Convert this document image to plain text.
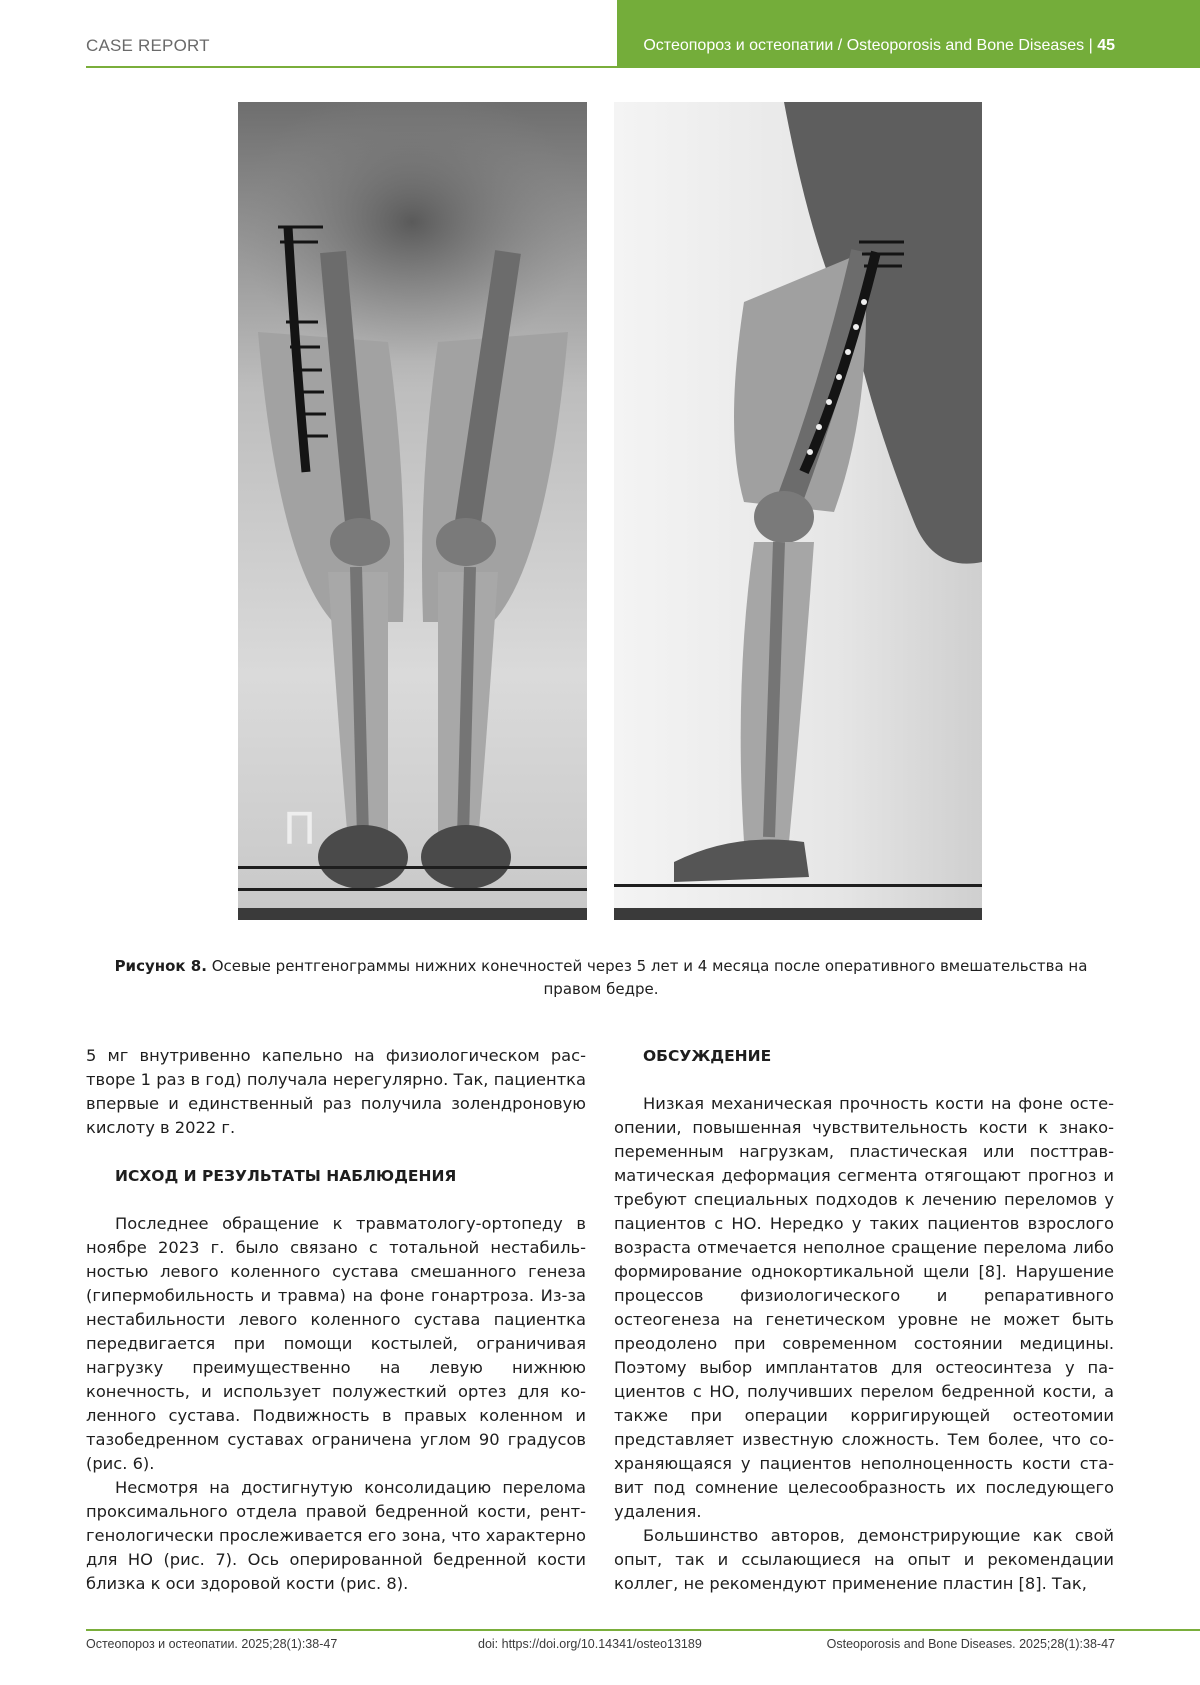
CASE REPORT	Остеопороз и остеопатии / Osteoporosis and Bone Diseases | 45
П
Рисунок 8. Осевые рентгенограммы нижних конечностей через 5 лет и 4 месяца после оперативного вмешательства на правом бедре.

5 мг внутривенно капельно на физиологическом растворе 1 раз в год) получала нерегулярно. Так, пациентка впервые и единственный раз получила золендроновую кислоту в 2022 г.

ИСХОД И РЕЗУЛЬТАТЫ НАБЛЮДЕНИЯ

Последнее обращение к травматологу-ортопеду в ноябре 2023 г. было связано с тотальной нестабильностью левого коленного сустава смешанного генеза (гипермобильность и травма) на фоне гонартроза. Из-за нестабильности левого коленного сустава пациентка передвигается при помощи костылей, ограничивая нагрузку преимущественно на левую нижнюю конечность, и использует полужесткий ортез для коленного сустава. Подвижность в правых коленном и тазобедренном суставах ограничена углом 90 градусов (рис. 6).

Несмотря на достигнутую консолидацию перелома проксимального отдела правой бедренной кости, рентгенологически прослеживается его зона, что характерно для НО (рис. 7). Ось оперированной бедренной кости близка к оси здоровой кости (рис. 8).

ОБСУЖДЕНИЕ

Низкая механическая прочность кости на фоне остеопении, повышенная чувствительность кости к знакопеременным нагрузкам, пластическая или посттравматическая деформация сегмента отягощают прогноз и требуют специальных подходов к лечению переломов у пациентов с НО. Нередко у таких пациентов взрослого возраста отмечается неполное сращение перелома либо формирование однокортикальной щели [8]. Нарушение процессов физиологического и репаративного остеогенеза на генетическом уровне не может быть преодолено при современном состоянии медицины. Поэтому выбор имплантатов для остеосинтеза у пациентов с НО, получивших перелом бедренной кости, а также при операции корригирующей остеотомии представляет известную сложность. Тем более, что сохраняющаяся у пациентов неполноценность кости ставит под сомнение целесообразность их последующего удаления.

Большинство авторов, демонстрирующие как свой опыт, так и ссылающиеся на опыт и рекомендации коллег, не рекомендуют применение пластин [8]. Так,

Остеопороз и остеопатии. 2025;28(1):38-47	doi: https://doi.org/10.14341/osteo13189	Osteoporosis and Bone Diseases. 2025;28(1):38-47
